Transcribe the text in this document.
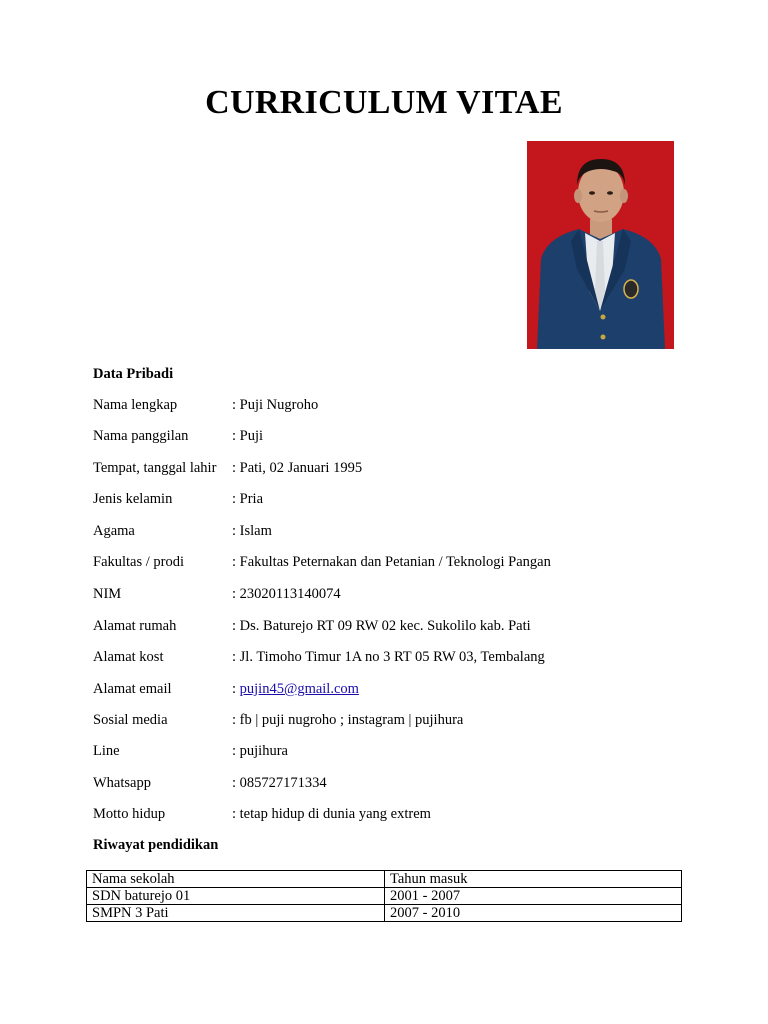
CURRICULUM VITAE
Data Pribadi
Nama lengkap	: Puji Nugroho
Nama panggilan	: Puji
Tempat, tanggal lahir : Pati, 02 Januari 1995
Jenis kelamin	: Pria
Agama	: Islam
Fakultas / prodi	: Fakultas Peternakan dan Petanian / Teknologi Pangan
NIM	: 23020113140074
Alamat rumah	: Ds. Baturejo RT 09 RW 02 kec. Sukolilo kab. Pati
Alamat kost	: Jl. Timoho Timur 1A no 3 RT 05 RW 03, Tembalang
Alamat email	: pujin45@gmail.com
Sosial media	: fb | puji nugroho ; instagram | pujihura
Line	: pujihura
Whatsapp	: 085727171334
Motto hidup	: tetap hidup di dunia yang extrem
Riwayat pendidikan
Nama sekolah	Tahun masuk
SDN baturejo 01	2001 - 2007
SMPN 3 Pati	2007 - 2010
